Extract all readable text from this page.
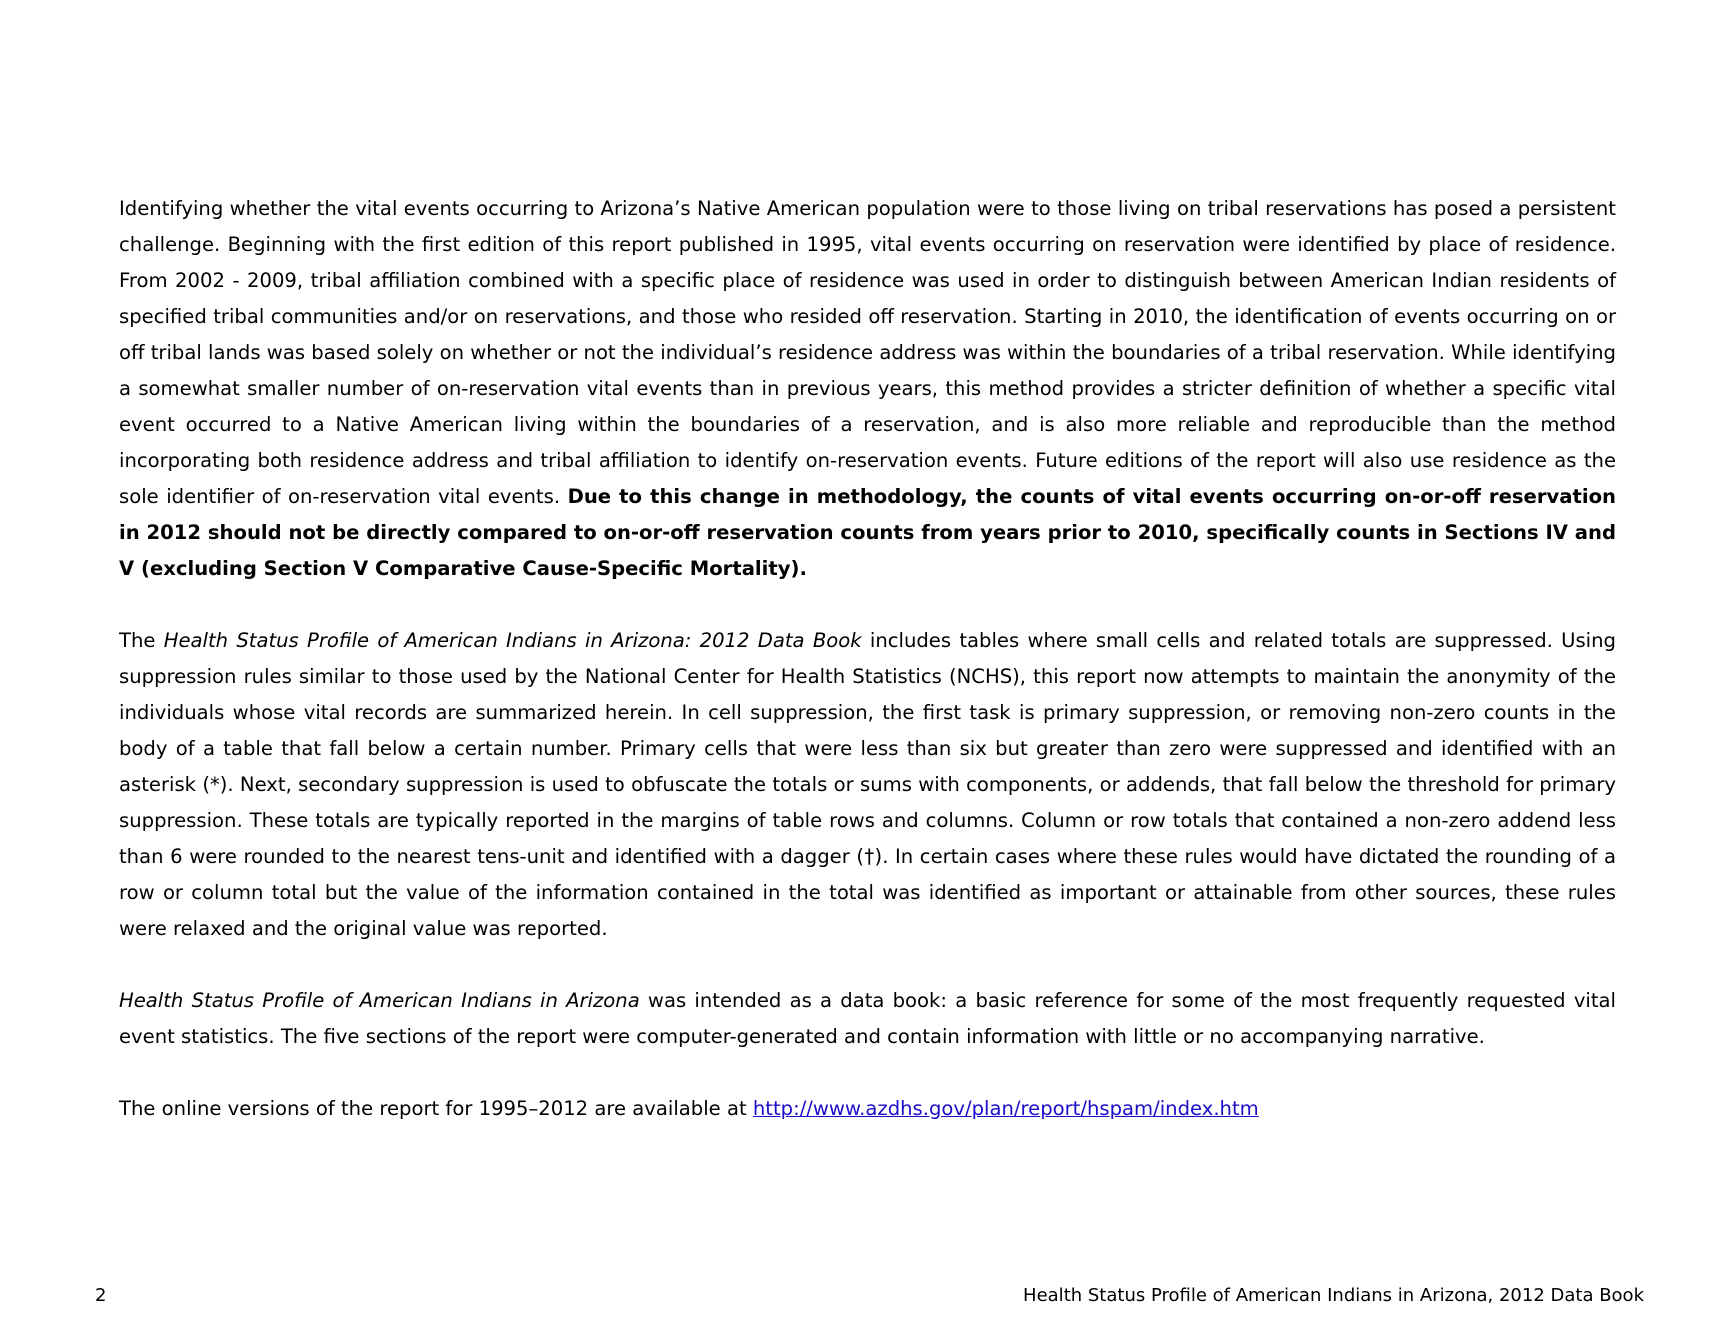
Identifying whether the vital events occurring to Arizona’s Native American population were to those living on tribal reservations has posed a persistent challenge. Beginning with the first edition of this report published in 1995, vital events occurring on reservation were identified by place of residence. From 2002 - 2009, tribal affiliation combined with a specific place of residence was used in order to distinguish between American Indian residents of specified tribal communities and/or on reservations, and those who resided off reservation. Starting in 2010, the identification of events occurring on or off tribal lands was based solely on whether or not the individual’s residence address was within the boundaries of a tribal reservation. While identifying a somewhat smaller number of on-reservation vital events than in previous years, this method provides a stricter definition of whether a specific vital event occurred to a Native American living within the boundaries of a reservation, and is also more reliable and reproducible than the method incorporating both residence address and tribal affiliation to identify on-reservation events. Future editions of the report will also use residence as the sole identifier of on-reservation vital events. Due to this change in methodology, the counts of vital events occurring on-or-off reservation in 2012 should not be directly compared to on-or-off reservation counts from years prior to 2010, specifically counts in Sections IV and V (excluding Section V Comparative Cause-Specific Mortality).

The Health Status Profile of American Indians in Arizona: 2012 Data Book includes tables where small cells and related totals are suppressed. Using suppression rules similar to those used by the National Center for Health Statistics (NCHS), this report now attempts to maintain the anonymity of the individuals whose vital records are summarized herein. In cell suppression, the first task is primary suppression, or removing non-zero counts in the body of a table that fall below a certain number. Primary cells that were less than six but greater than zero were suppressed and identified with an asterisk (*). Next, secondary suppression is used to obfuscate the totals or sums with components, or addends, that fall below the threshold for primary suppression. These totals are typically reported in the margins of table rows and columns. Column or row totals that contained a non-zero addend less than 6 were rounded to the nearest tens-unit and identified with a dagger (†). In certain cases where these rules would have dictated the rounding of a row or column total but the value of the information contained in the total was identified as important or attainable from other sources, these rules were relaxed and the original value was reported.

Health Status Profile of American Indians in Arizona was intended as a data book: a basic reference for some of the most frequently requested vital event statistics. The five sections of the report were computer-generated and contain information with little or no accompanying narrative.

The online versions of the report for 1995–2012 are available at http://www.azdhs.gov/plan/report/hspam/index.htm

2	Health Status Profile of American Indians in Arizona, 2012 Data Book
